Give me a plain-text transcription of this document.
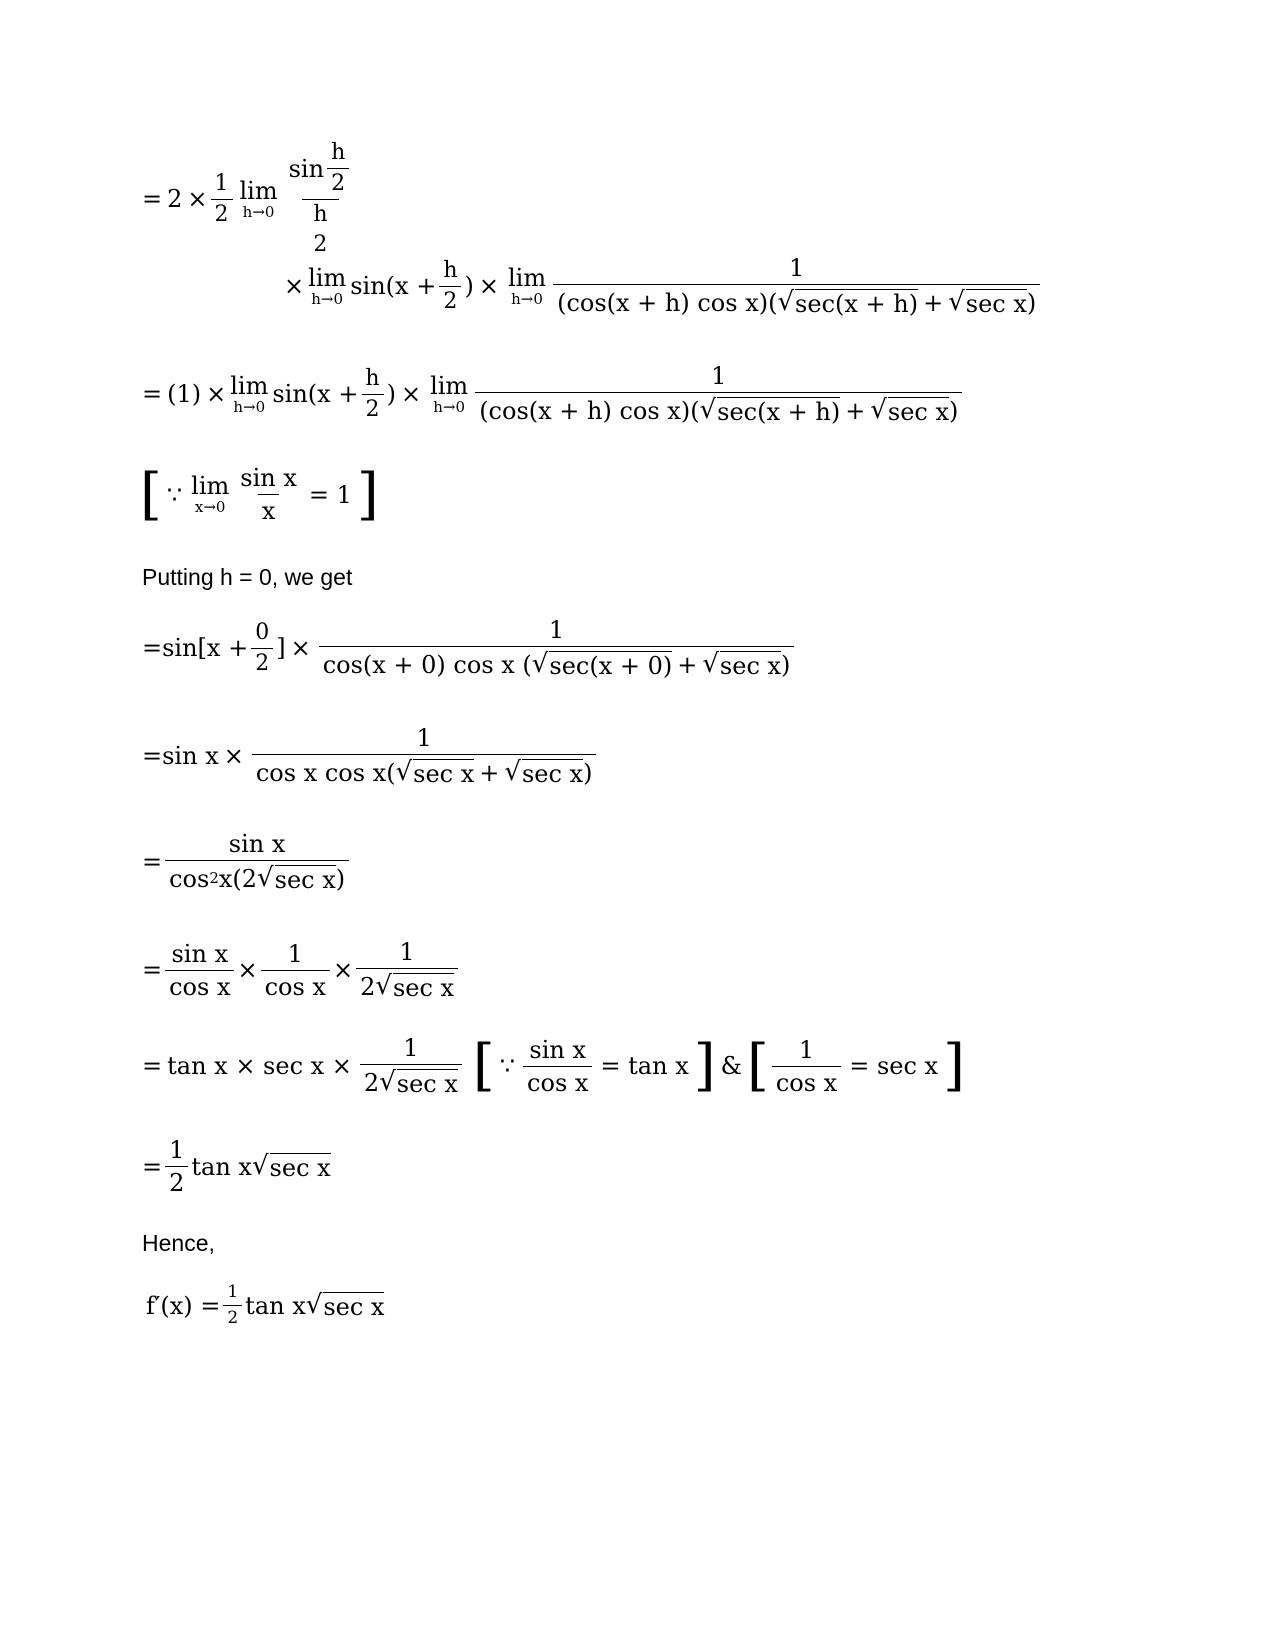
= $2 \times \frac{1}{2}$ lim
h→0
sin
h
2
h
2
× lim
h→0 $\sin(x + \frac{h}{2}$ ) × lim
h→0
1
(cos(x + h) cos x)( √ sec(x + h) + √ sec x )
= (1) × lim
h→0 $\sin(x + \frac{h}{2}$ ) × lim
h→0
1
(cos(x + h) cos x)( √ sec(x + h) + √ sec x )
[ ∵ lim
$x\to 0 \frac{\text{sin x}}{x} = 1$ ]
Putting h = 0, we get
= $\sin[x + \frac{0}{2}$ ] ×
1
cos(x + 0) cos x ( √ sec(x + 0) + √ sec x )
= sin x ×
1
cos x cos x( √ sec x + √ sec x )
=
sin x
cos 2 x(2 √ sec x )
= $\frac{\text{sin x}}{\text{cos x}} \times \frac{1}{\text{cos x}}$ ×
1
2 √ sec x
= tan x × sec x ×
1
2 √ sec x [ ∵ $\frac{\text{sin x}}{\text{cos x}} = \tan x$ ] & [ $\frac{1}{\text{cos x}} = \sec x$ ]
= $\frac{1}{2}$ tan x √ sec x
Hence,
$f'(x) = \frac{1}{2}$ tan x √ sec x
